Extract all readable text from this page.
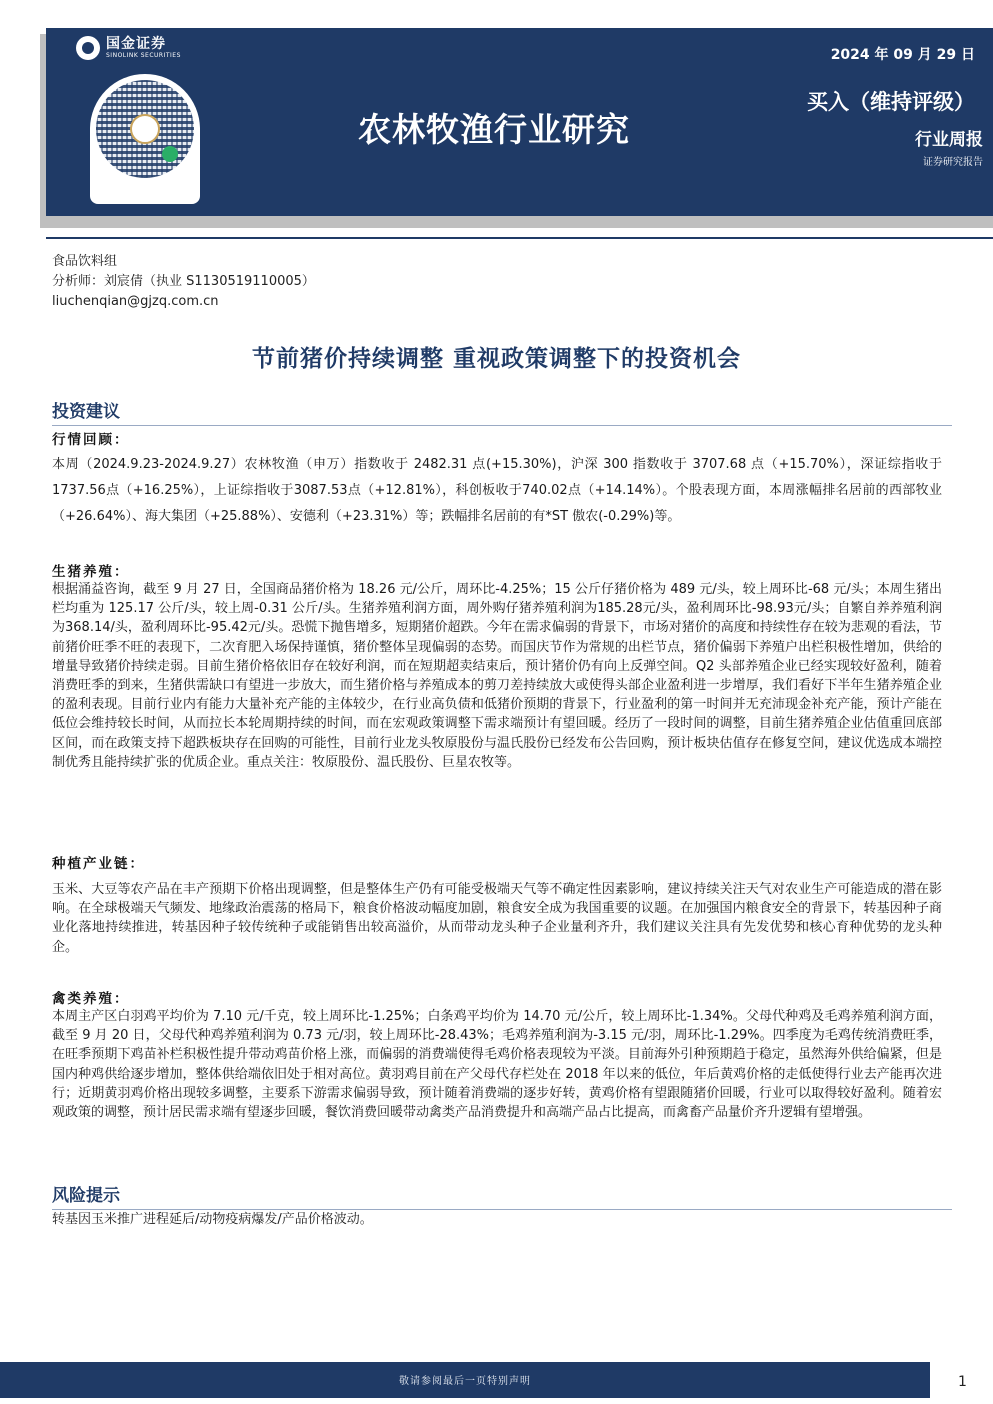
国金证券
SINOLINK SECURITIES
农林牧渔行业研究
2024 年 09 月 29 日
买入（维持评级）
行业周报
证券研究报告
食品饮料组
分析师：刘宸倩（执业 S1130519110005）
liuchenqian@gjzq.com.cn
节前猪价持续调整 重视政策调整下的投资机会
投资建议
行情回顾：
本周（2024.9.23-2024.9.27）农林牧渔（申万）指数收于 2482.31 点(+15.30%)，沪深 300 指数收于 3707.68 点（+15.70%），深证综指收于1737.56点（+16.25%），上证综指收于3087.53点（+12.81%），科创板收于740.02点（+14.14%）。个股表现方面，本周涨幅排名居前的西部牧业（+26.64%）、海大集团（+25.88%）、安德利（+23.31%）等；跌幅排名居前的有*ST 傲农(-0.29%)等。
生猪养殖：
根据涌益咨询，截至 9 月 27 日，全国商品猪价格为 18.26 元/公斤，周环比-4.25%；15 公斤仔猪价格为 489 元/头，较上周环比-68 元/头；本周生猪出栏均重为 125.17 公斤/头，较上周-0.31 公斤/头。生猪养殖利润方面，周外购仔猪养殖利润为185.28元/头，盈利周环比-98.93元/头；自繁自养养殖利润为368.14/头，盈利周环比-95.42元/头。恐慌下抛售增多，短期猪价超跌。今年在需求偏弱的背景下，市场对猪价的高度和持续性存在较为悲观的看法，节前猪价旺季不旺的表现下，二次育肥入场保持谨慎，猪价整体呈现偏弱的态势。而国庆节作为常规的出栏节点，猪价偏弱下养殖户出栏积极性增加，供给的增量导致猪价持续走弱。目前生猪价格依旧存在较好利润，而在短期超卖结束后，预计猪价仍有向上反弹空间。Q2 头部养殖企业已经实现较好盈利，随着消费旺季的到来，生猪供需缺口有望进一步放大，而生猪价格与养殖成本的剪刀差持续放大或使得头部企业盈利进一步增厚，我们看好下半年生猪养殖企业的盈利表现。目前行业内有能力大量补充产能的主体较少，在行业高负债和低猪价预期的背景下，行业盈利的第一时间并无充沛现金补充产能，预计产能在低位会维持较长时间，从而拉长本轮周期持续的时间，而在宏观政策调整下需求端预计有望回暖。经历了一段时间的调整，目前生猪养殖企业估值重回底部区间，而在政策支持下超跌板块存在回购的可能性，目前行业龙头牧原股份与温氏股份已经发布公告回购，预计板块估值存在修复空间，建议优选成本端控制优秀且能持续扩张的优质企业。重点关注：牧原股份、温氏股份、巨星农牧等。
种植产业链：
玉米、大豆等农产品在丰产预期下价格出现调整，但是整体生产仍有可能受极端天气等不确定性因素影响，建议持续关注天气对农业生产可能造成的潜在影响。在全球极端天气频发、地缘政治震荡的格局下，粮食价格波动幅度加剧，粮食安全成为我国重要的议题。在加强国内粮食安全的背景下，转基因种子商业化落地持续推进，转基因种子较传统种子或能销售出较高溢价，从而带动龙头种子企业量利齐升，我们建议关注具有先发优势和核心育种优势的龙头种企。
禽类养殖：
本周主产区白羽鸡平均价为 7.10 元/千克，较上周环比-1.25%；白条鸡平均价为 14.70 元/公斤，较上周环比-1.34%。父母代种鸡及毛鸡养殖利润方面，截至 9 月 20 日，父母代种鸡养殖利润为 0.73 元/羽，较上周环比-28.43%；毛鸡养殖利润为-3.15 元/羽，周环比-1.29%。四季度为毛鸡传统消费旺季，在旺季预期下鸡苗补栏积极性提升带动鸡苗价格上涨，而偏弱的消费端使得毛鸡价格表现较为平淡。目前海外引种预期趋于稳定，虽然海外供给偏紧，但是国内种鸡供给逐步增加，整体供给端依旧处于相对高位。黄羽鸡目前在产父母代存栏处在 2018 年以来的低位，年后黄鸡价格的走低使得行业去产能再次进行；近期黄羽鸡价格出现较多调整，主要系下游需求偏弱导致，预计随着消费端的逐步好转，黄鸡价格有望跟随猪价回暖，行业可以取得较好盈利。随着宏观政策的调整，预计居民需求端有望逐步回暖，餐饮消费回暖带动禽类产品消费提升和高端产品占比提高，而禽畜产品量价齐升逻辑有望增强。
风险提示
转基因玉米推广进程延后/动物疫病爆发/产品价格波动。
敬请参阅最后一页特别声明	1
